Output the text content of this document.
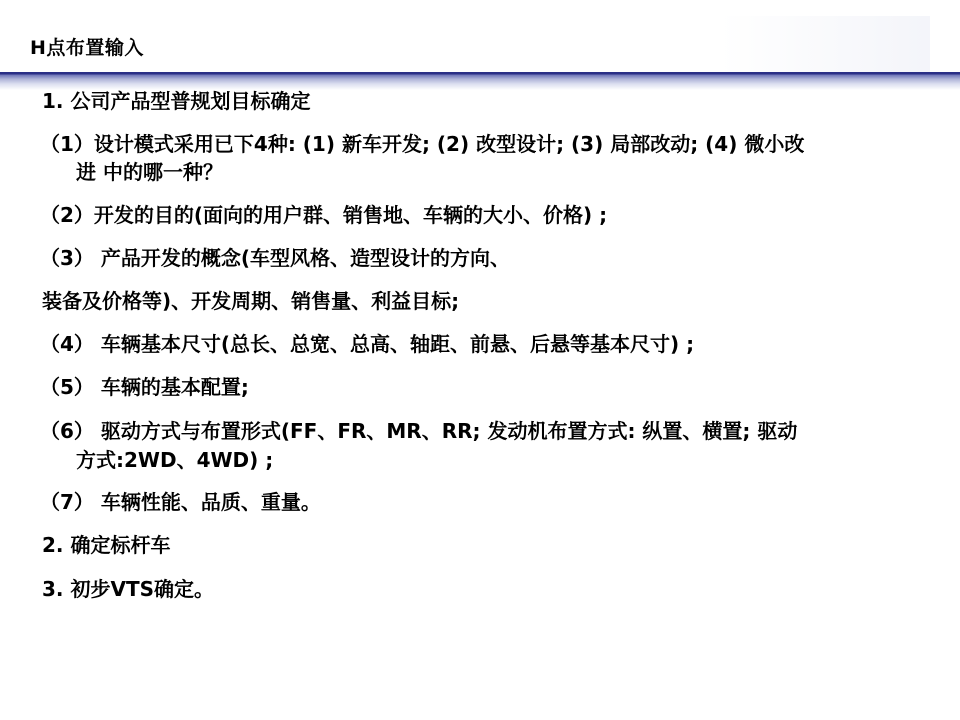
H点布置输入
1. 公司产品型普规划目标确定
（1）设计模式采用已下4种: (1) 新车开发; (2) 改型设计; (3) 局部改动; (4) 微小改
进 中的哪一种？
（2）开发的目的(面向的用户群、销售地、车辆的大小、价格) ;
（3） 产品开发的概念(车型风格、造型设计的方向、
装备及价格等)、开发周期、销售量、利益目标;
（4） 车辆基本尺寸(总长、总宽、总高、轴距、前悬、后悬等基本尺寸) ;
（5） 车辆的基本配置;
（6） 驱动方式与布置形式(FF、FR、MR、RR; 发动机布置方式: 纵置、横置; 驱动
方式:2WD、4WD) ;
（7） 车辆性能、品质、重量。
2. 确定标杆车
3. 初步VTS确定。
